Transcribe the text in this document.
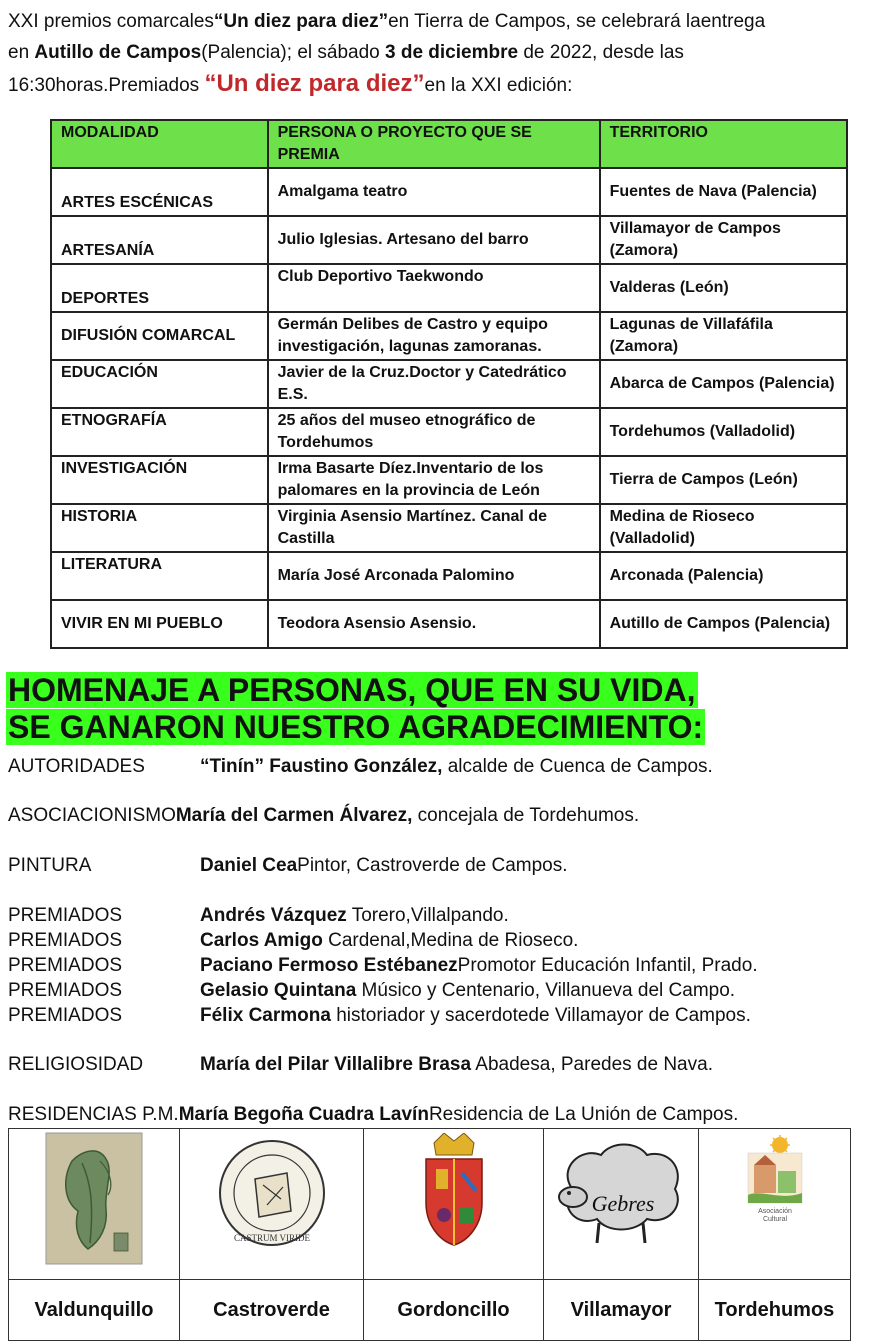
XXI premios comarcales“Un diez para diez”en Tierra de Campos, se celebrará laentrega
en Autillo de Campos(Palencia); el sábado 3 de diciembre de 2022, desde las
16:30horas.Premiados “Un diez para diez”en la XXI edición:
MODALIDAD	PERSONA O PROYECTO QUE SE PREMIA	TERRITORIO
ARTES ESCÉNICAS	Amalgama teatro	Fuentes de Nava (Palencia)
ARTESANÍA	Julio Iglesias. Artesano del barro	Villamayor de Campos (Zamora)
DEPORTES	Club Deportivo Taekwondo	Valderas (León)
DIFUSIÓN COMARCAL	Germán Delibes de Castro y equipo investigación, lagunas zamoranas.	Lagunas de Villafáfila (Zamora)
EDUCACIÓN	Javier de la Cruz.Doctor y Catedrático E.S.	Abarca de Campos (Palencia)
ETNOGRAFÍA	25 años del museo etnográfico de Tordehumos	Tordehumos (Valladolid)
INVESTIGACIÓN	Irma Basarte Díez.Inventario de los palomares en la provincia de León	Tierra de Campos (León)
HISTORIA	Virginia Asensio Martínez. Canal de Castilla	Medina de Rioseco (Valladolid)
LITERATURA	María José Arconada Palomino	Arconada (Palencia)
VIVIR EN MI PUEBLO	Teodora Asensio Asensio.	Autillo de Campos (Palencia)
HOMENAJE A PERSONAS, QUE EN SU VIDA,
SE GANARON NUESTRO AGRADECIMIENTO:
AUTORIDADES	“Tinín” Faustino González, alcalde de Cuenca de Campos.
ASOCIACIONISMOMaría del Carmen Álvarez, concejala de Tordehumos.
PINTURA	Daniel CeaPintor, Castroverde de Campos.
PREMIADOS	Andrés Vázquez Torero,Villalpando.
PREMIADOS	Carlos Amigo Cardenal,Medina de Rioseco.
PREMIADOS	Paciano Fermoso EstébanezPromotor Educación Infantil, Prado.
PREMIADOS	Gelasio Quintana Músico y Centenario, Villanueva del Campo.
PREMIADOS	Félix Carmona historiador y sacerdotede Villamayor de Campos.
RELIGIOSIDAD	María del Pilar Villalibre Brasa Abadesa, Paredes de Nava.
RESIDENCIAS P.M.María Begoña Cuadra LavínResidencia de La Unión de Campos.

CASTRUM VIRIDE		Gebres	Asociación
Cultural

Valdunquillo	Castroverde	Gordoncillo	Villamayor	Tordehumos
